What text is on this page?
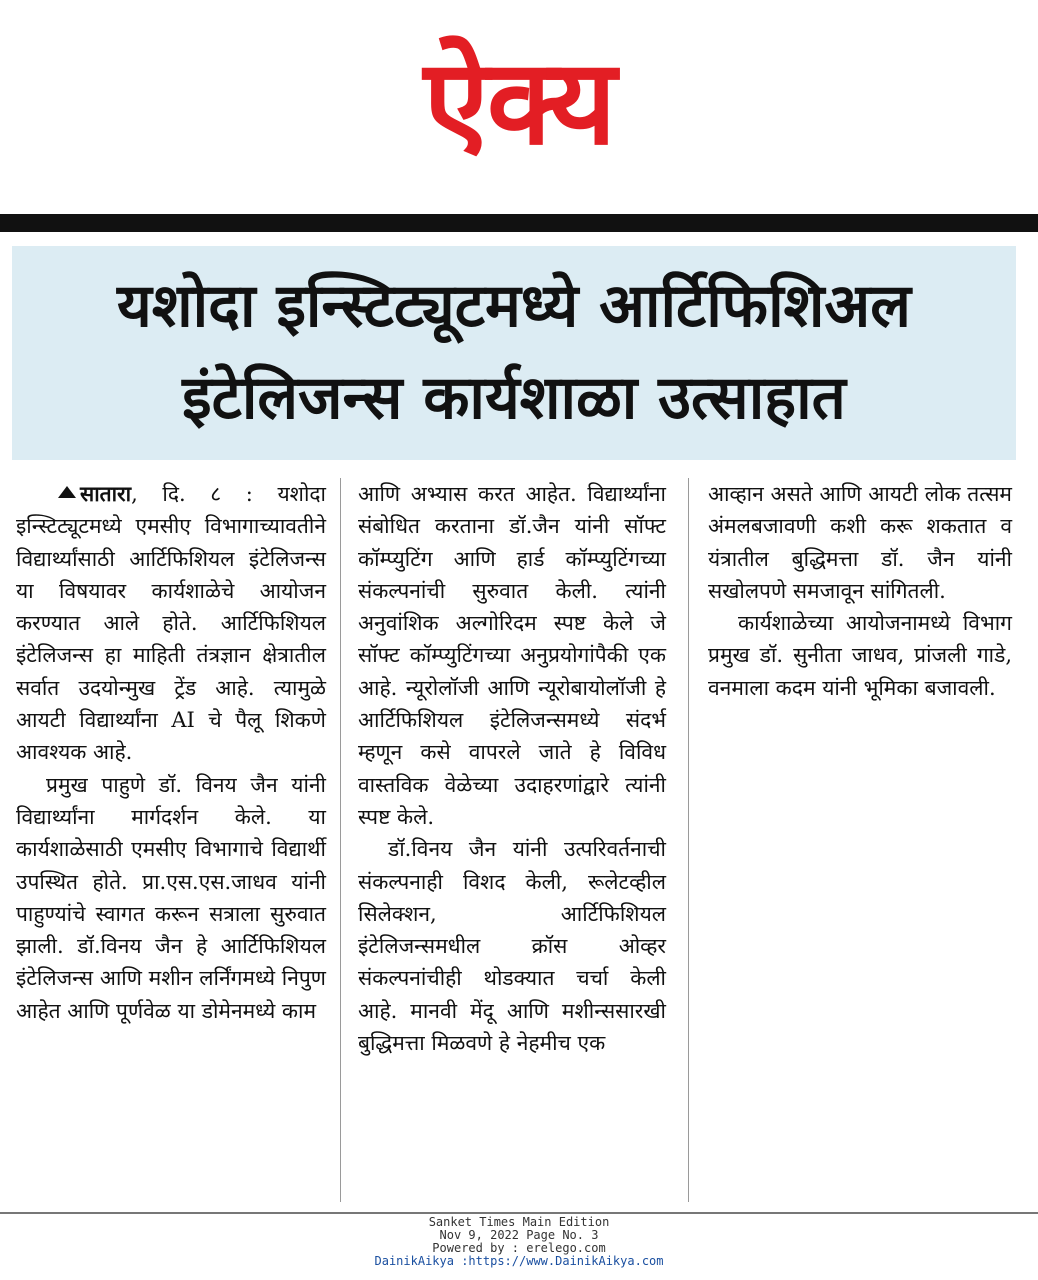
ऐक्य
यशोदा इन्स्टिट्यूटमध्ये आर्टिफिशिअल
इंटेलिजन्स कार्यशाळा उत्साहात

सातारा, दि. ८ : यशोदा इन्स्टिट्यूटमध्ये एमसीए विभागाच्यावतीने विद्यार्थ्यांसाठी आर्टिफिशियल इंटेलिजन्स या विषयावर कार्यशाळेचे आयोजन करण्यात आले होते. आर्टिफिशियल इंटेलिजन्स हा माहिती तंत्रज्ञान क्षेत्रातील सर्वात उदयोन्मुख ट्रेंड आहे. त्यामुळे आयटी विद्यार्थ्यांना AI चे पैलू शिकणे आवश्यक आहे.

प्रमुख पाहुणे डॉ. विनय जैन यांनी विद्यार्थ्यांना मार्गदर्शन केले. या कार्यशाळेसाठी एमसीए विभागाचे विद्यार्थी उपस्थित होते. प्रा.एस.एस.जाधव यांनी पाहुण्यांचे स्वागत करून सत्राला सुरुवात झाली. डॉ.विनय जैन हे आर्टिफिशियल इंटेलिजन्स आणि मशीन लर्निंगमध्ये निपुण आहेत आणि पूर्णवेळ या डोमेनमध्ये काम

आणि अभ्यास करत आहेत. विद्यार्थ्यांना संबोधित करताना डॉ.जैन यांनी सॉफ्ट कॉम्प्युटिंग आणि हार्ड कॉम्प्युटिंगच्या संकल्पनांची सुरुवात केली. त्यांनी अनुवांशिक अल्गोरिदम स्पष्ट केले जे सॉफ्ट कॉम्प्युटिंगच्या अनुप्रयोगांपैकी एक आहे. न्यूरोलॉजी आणि न्यूरोबायोलॉजी हे आर्टिफिशियल इंटेलिजन्समध्ये संदर्भ म्हणून कसे वापरले जाते हे विविध वास्तविक वेळेच्या उदाहरणांद्वारे त्यांनी स्पष्ट केले.

डॉ.विनय जैन यांनी उत्परिवर्तनाची संकल्पनाही विशद केली, रूलेटव्हील सिलेक्शन, आर्टिफिशियल इंटेलिजन्समधील क्रॉस ओव्हर संकल्पनांचीही थोडक्यात चर्चा केली आहे. मानवी मेंदू आणि मशीन्ससारखी बुद्धिमत्ता मिळवणे हे नेहमीच एक

आव्हान असते आणि आयटी लोक तत्सम अंमलबजावणी कशी करू शकतात व यंत्रातील बुद्धिमत्ता डॉ. जैन यांनी सखोलपणे समजावून सांगितली.

कार्यशाळेच्या आयोजनामध्ये विभाग प्रमुख डॉ. सुनीता जाधव, प्रांजली गाडे, वनमाला कदम यांनी भूमिका बजावली.

Sanket Times Main Edition
Nov 9, 2022 Page No. 3
Powered by : erelego.com
DainikAikya :https://www.DainikAikya.com
